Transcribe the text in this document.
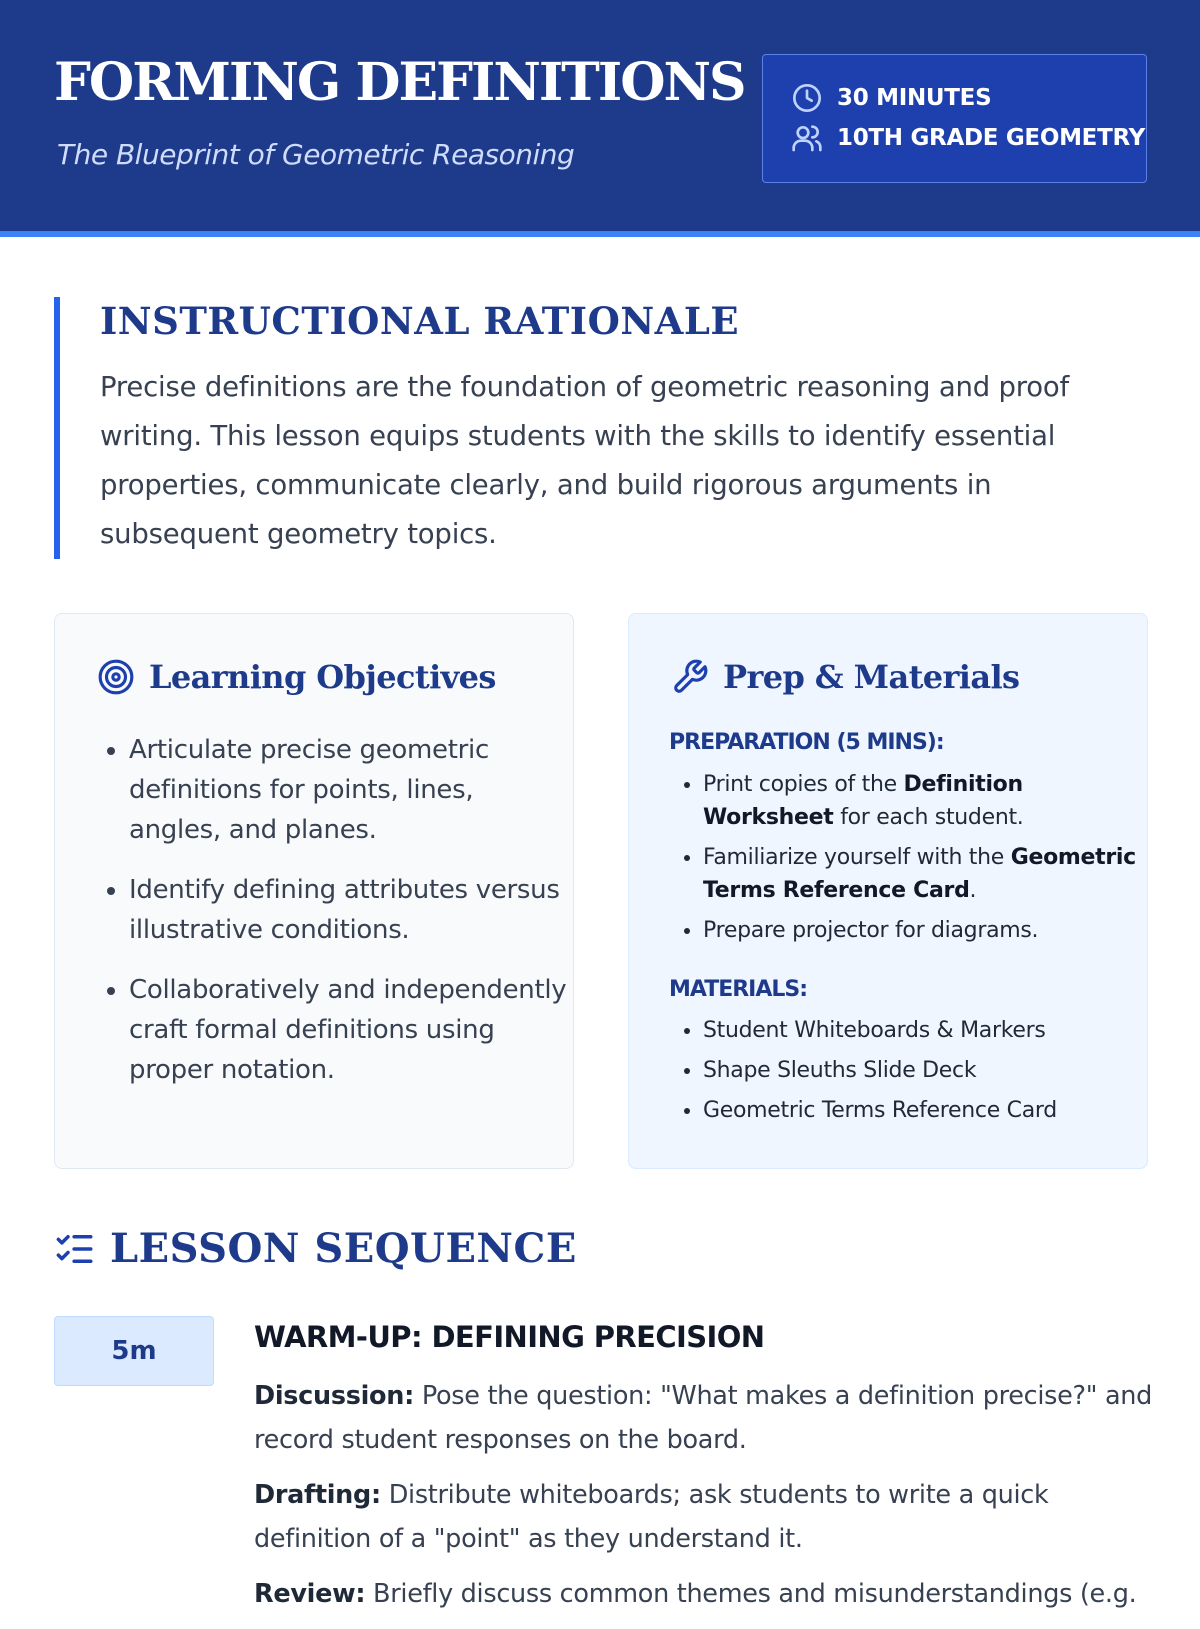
FORMING DEFINITIONS

The Blueprint of Geometric Reasoning

30 MINUTES
10TH GRADE GEOMETRY
INSTRUCTIONAL RATIONALE

Precise definitions are the foundation of geometric reasoning and proof writing. This lesson equips students with the skills to identify essential properties, communicate clearly, and build rigorous arguments in subsequent geometry topics.

Learning Objectives
• Articulate precise geometric definitions for points, lines, angles, and planes.
• Identify defining attributes versus illustrative conditions.
• Collaboratively and independently craft formal definitions using proper notation.
Prep & Materials
PREPARATION (5 MINS):
• Print copies of the Definition Worksheet for each student.
• Familiarize yourself with the Geometric Terms Reference Card.
• Prepare projector for diagrams.
MATERIALS:
• Student Whiteboards & Markers
• Shape Sleuths Slide Deck
• Geometric Terms Reference Card
LESSON SEQUENCE
5m	WARM-UP: DEFINING PRECISION

Discussion: Pose the question: "What makes a definition precise?" and record student responses on the board.

Drafting: Distribute whiteboards; ask students to write a quick definition of a "point" as they understand it.

Review: Briefly discuss common themes and misunderstandings (e.g.
